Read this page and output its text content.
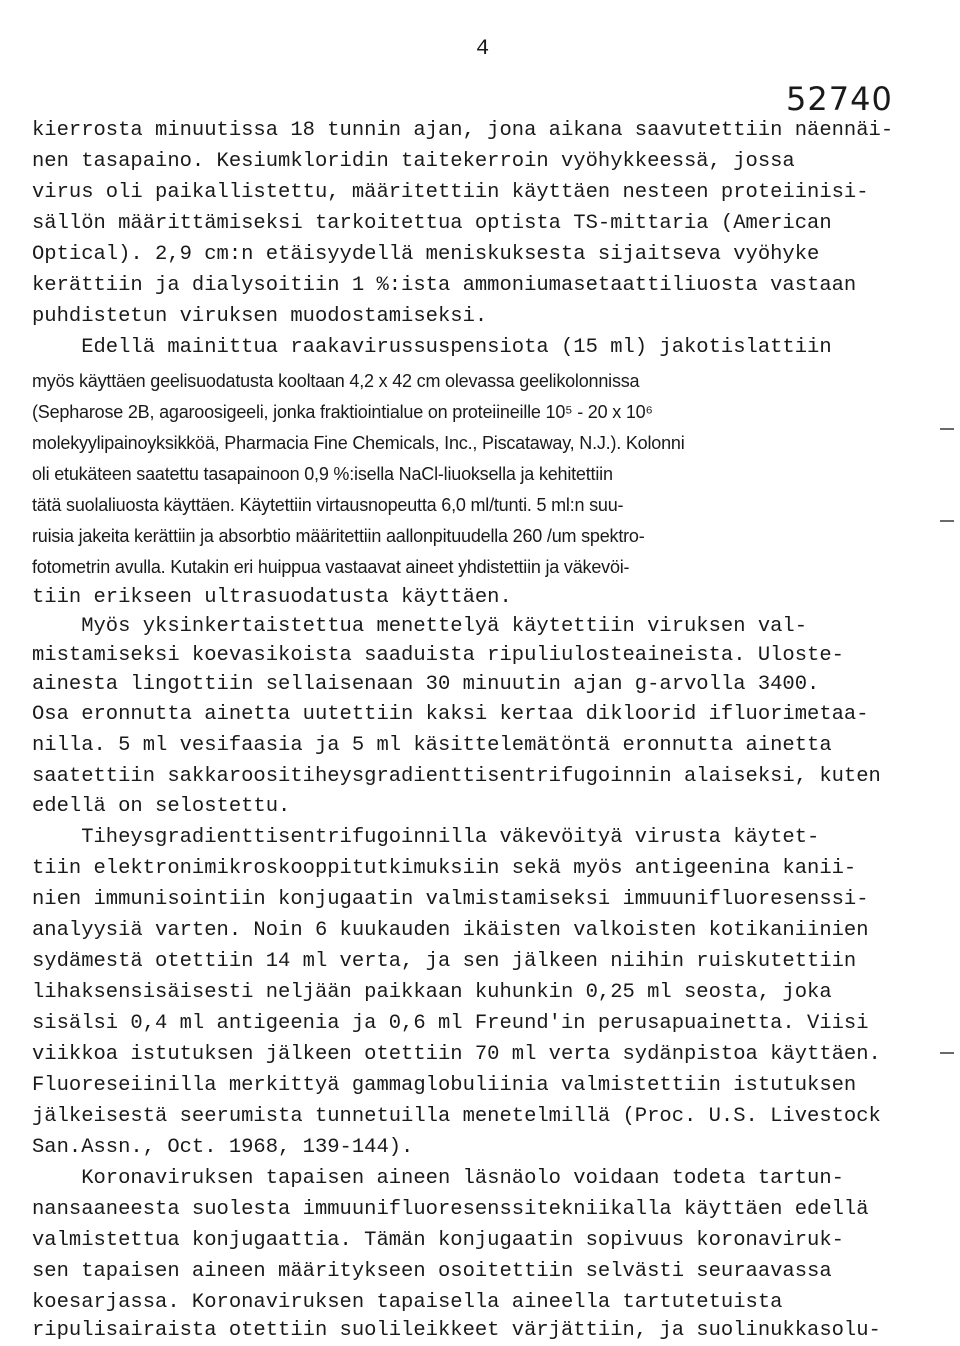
4
52740
kierrosta minuutissa 18 tunnin ajan, jona aikana saavutettiin näennäi-
nen tasapaino. Kesiumkloridin taitekerroin vyöhykkeessä, jossa
virus oli paikallistettu, määritettiin käyttäen nesteen proteiinisi-
sällön määrittämiseksi tarkoitettua optista TS-mittaria (American
Optical). 2,9 cm:n etäisyydellä meniskuksesta sijaitseva vyöhyke
kerättiin ja dialysoitiin 1 %:ista ammoniumasetaattiliuosta vastaan
puhdistetun viruksen muodostamiseksi.
Edellä mainittua raakavirussuspensiota (15 ml) jakotislattiin
myös käyttäen geelisuodatusta kooltaan 4,2 x 42 cm olevassa geelikolonnissa
(Sepharose 2B, agaroosigeeli, jonka fraktiointialue on proteiineille 10⁵ - 20 x 10⁶
molekyylipainoyksikköä, Pharmacia Fine Chemicals, Inc., Piscataway, N.J.). Kolonni
oli etukäteen saatettu tasapainoon 0,9 %:isella NaCl-liuoksella ja kehitettiin
tätä suolaliuosta käyttäen. Käytettiin virtausnopeutta 6,0 ml/tunti. 5 ml:n suu-
ruisia jakeita kerättiin ja absorbtio määritettiin aallonpituudella 260 /um spektro-
fotometrin avulla. Kutakin eri huippua vastaavat aineet yhdistettiin ja väkevöi-
tiin erikseen ultrasuodatusta käyttäen.
Myös yksinkertaistettua menettelyä käytettiin viruksen val-
mistamiseksi koevasikoista saaduista ripuliulosteaineista. Uloste-
ainesta lingottiin sellaisenaan 30 minuutin ajan g-arvolla 3400.
Osa eronnutta ainetta uutettiin kaksi kertaa dikloorid ifluorimetaa-
nilla. 5 ml vesifaasia ja 5 ml käsittelemätöntä eronnutta ainetta
saatettiin sakkaroositiheysgradienttisentrifugoinnin alaiseksi, kuten
edellä on selostettu.
Tiheysgradienttisentrifugoinnilla väkevöityä virusta käytet-
tiin elektronimikroskooppitutkimuksiin sekä myös antigeenina kanii-
nien immunisointiin konjugaatin valmistamiseksi immuunifluoresenssi-
analyysiä varten. Noin 6 kuukauden ikäisten valkoisten kotikaniinien
sydämestä otettiin 14 ml verta, ja sen jälkeen niihin ruiskutettiin
lihaksensisäisesti neljään paikkaan kuhunkin 0,25 ml seosta, joka
sisälsi 0,4 ml antigeenia ja 0,6 ml Freund'in perusapuainetta. Viisi
viikkoa istutuksen jälkeen otettiin 70 ml verta sydänpistoa käyttäen.
Fluoreseiinilla merkittyä gammaglobuliinia valmistettiin istutuksen
jälkeisestä seerumista tunnetuilla menetelmillä (Proc. U.S. Livestock
San.Assn., Oct. 1968, 139-144).
Koronaviruksen tapaisen aineen läsnäolo voidaan todeta tartun-
nansaaneesta suolesta immuunifluoresenssitekniikalla käyttäen edellä
valmistettua konjugaattia. Tämän konjugaatin sopivuus koronaviruk-
sen tapaisen aineen määritykseen osoitettiin selvästi seuraavassa
koesarjassa. Koronaviruksen tapaisella aineella tartutetuista
ripulisairaista otettiin suolileikkeet värjättiin, ja suolinukkasolu-
